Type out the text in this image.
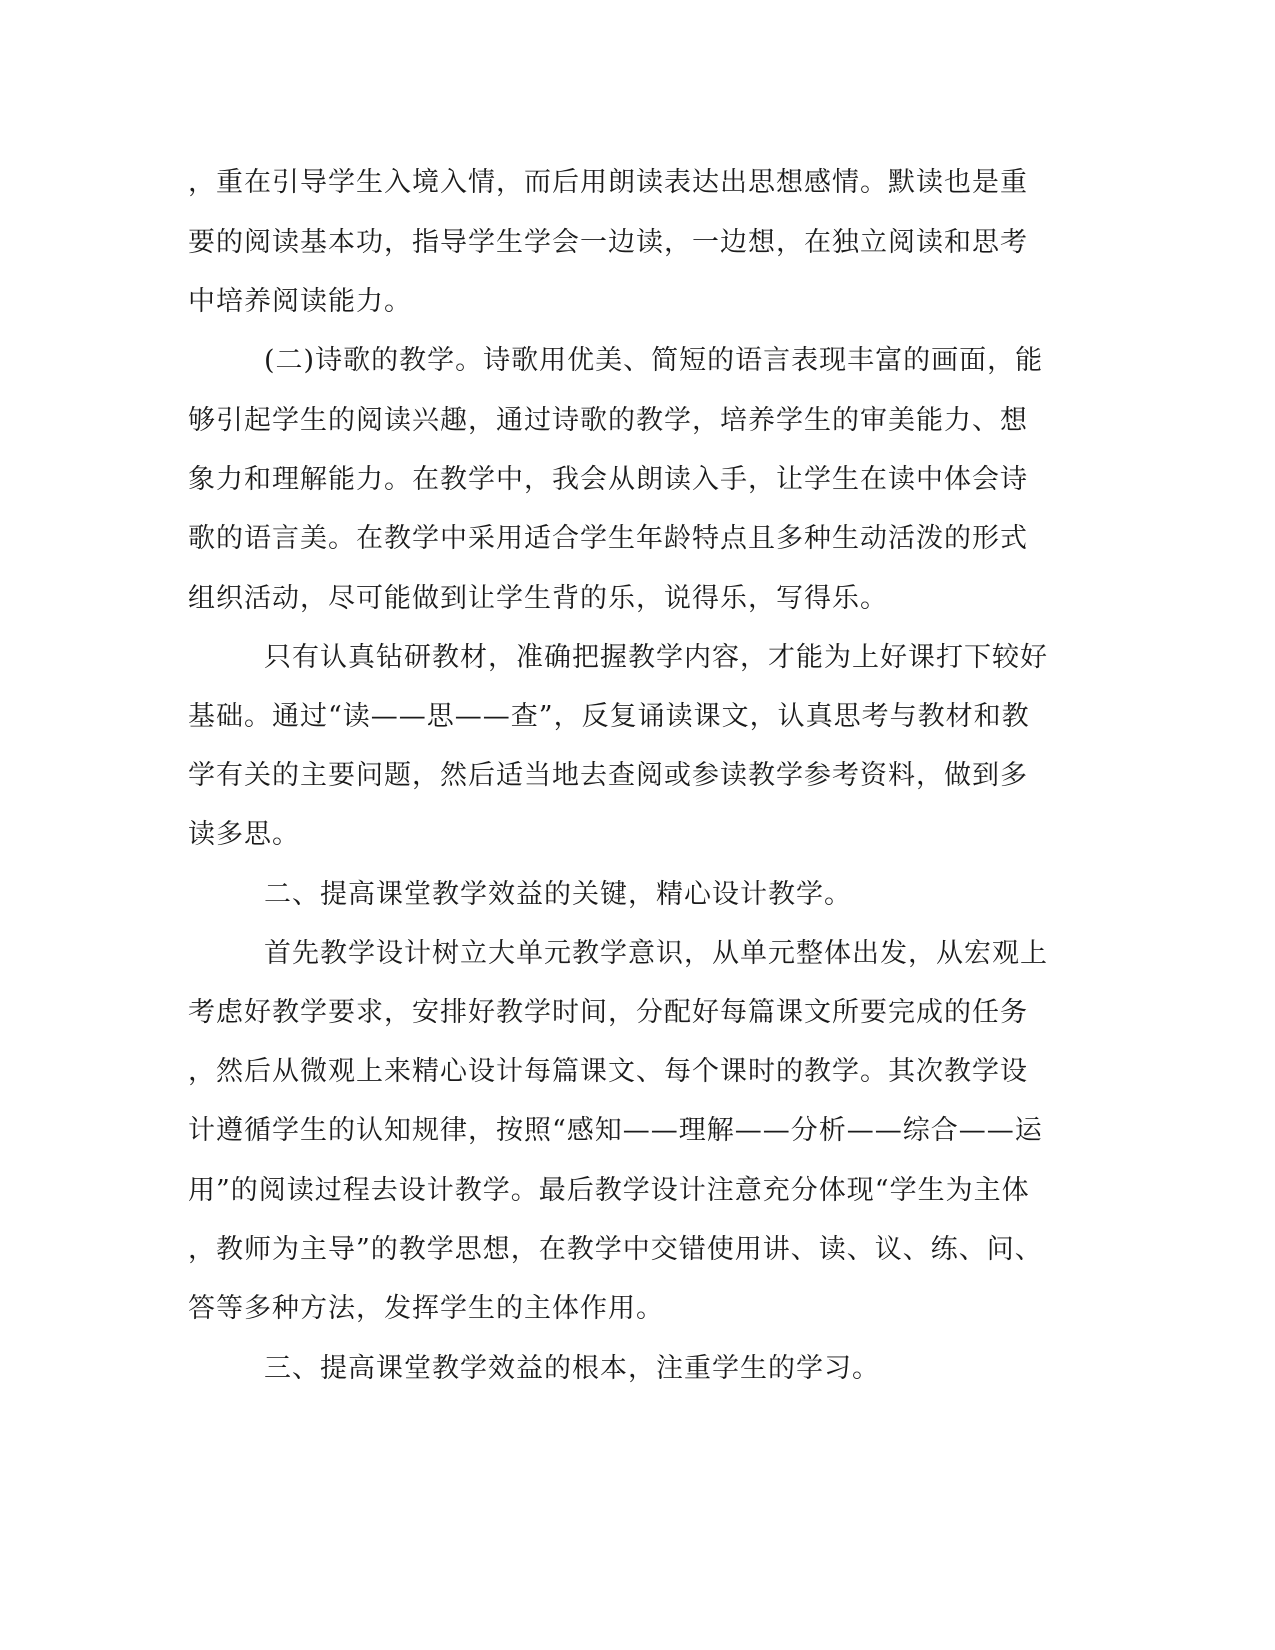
，重在引导学生入境入情，而后用朗读表达出思想感情。默读也是重
要的阅读基本功，指导学生学会一边读，一边想，在独立阅读和思考
中培养阅读能力。
(二)诗歌的教学。诗歌用优美、简短的语言表现丰富的画面，能
够引起学生的阅读兴趣，通过诗歌的教学，培养学生的审美能力、想
象力和理解能力。在教学中，我会从朗读入手，让学生在读中体会诗
歌的语言美。在教学中采用适合学生年龄特点且多种生动活泼的形式
组织活动，尽可能做到让学生背的乐，说得乐，写得乐。
只有认真钻研教材，准确把握教学内容，才能为上好课打下较好
基础。通过“读——思——查”，反复诵读课文，认真思考与教材和教
学有关的主要问题，然后适当地去查阅或参读教学参考资料，做到多
读多思。
二、提高课堂教学效益的关键，精心设计教学。
首先教学设计树立大单元教学意识，从单元整体出发，从宏观上
考虑好教学要求，安排好教学时间，分配好每篇课文所要完成的任务
，然后从微观上来精心设计每篇课文、每个课时的教学。其次教学设
计遵循学生的认知规律，按照“感知——理解——分析——综合——运
用”的阅读过程去设计教学。最后教学设计注意充分体现“学生为主体
，教师为主导”的教学思想，在教学中交错使用讲、读、议、练、问、
答等多种方法，发挥学生的主体作用。
三、提高课堂教学效益的根本，注重学生的学习。
